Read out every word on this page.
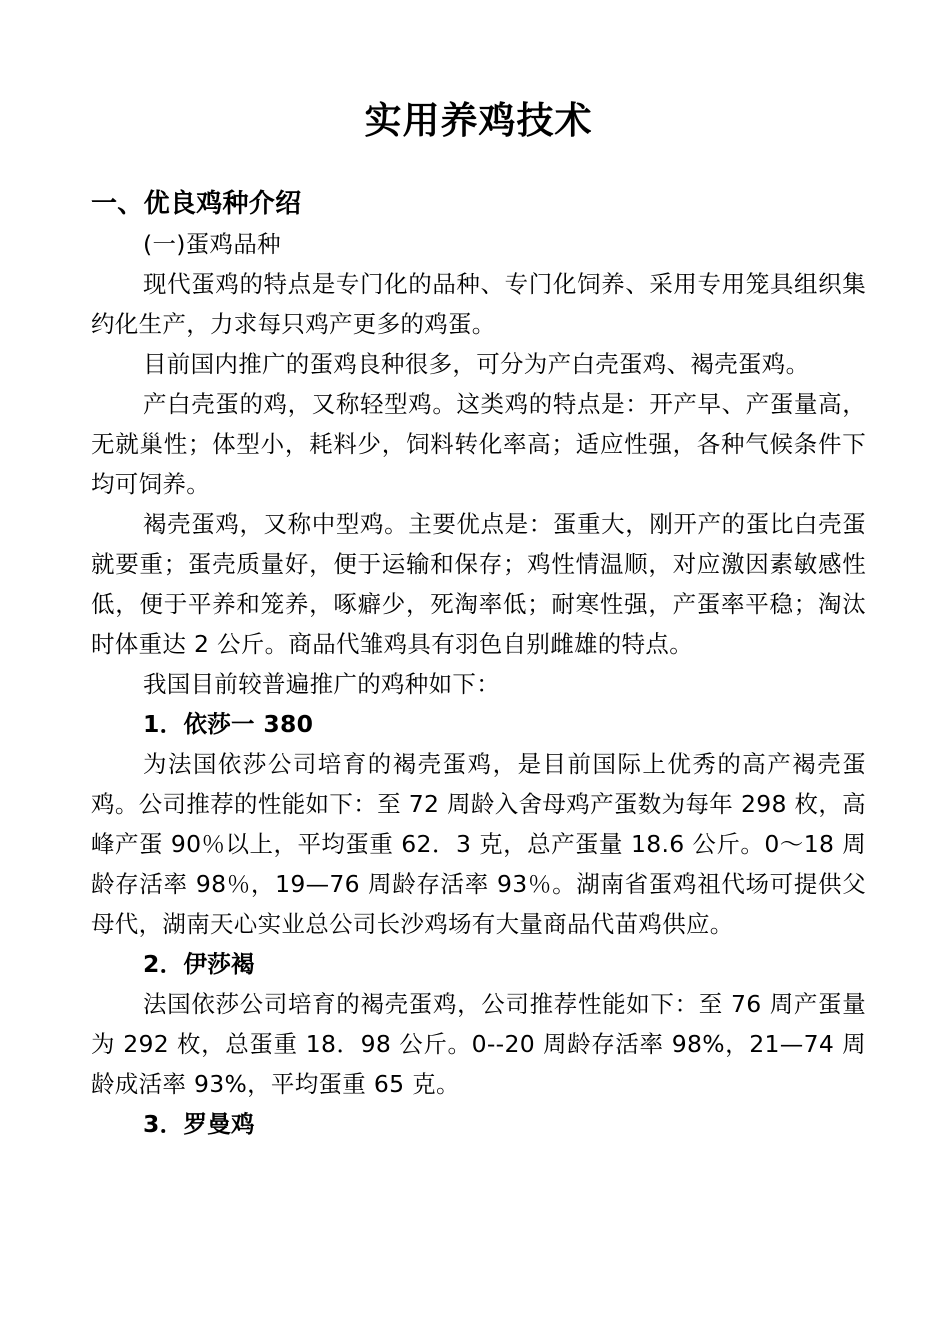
实用养鸡技术

一、优良鸡种介绍

(一)蛋鸡品种

现代蛋鸡的特点是专门化的品种、专门化饲养、采用专用笼具组织集约化生产，力求每只鸡产更多的鸡蛋。

目前国内推广的蛋鸡良种很多，可分为产白壳蛋鸡、褐壳蛋鸡。

产白壳蛋的鸡，又称轻型鸡。这类鸡的特点是：开产早、产蛋量高，无就巢性；体型小，耗料少，饲料转化率高；适应性强，各种气候条件下均可饲养。

褐壳蛋鸡，又称中型鸡。主要优点是：蛋重大，刚开产的蛋比白壳蛋就要重；蛋壳质量好，便于运输和保存；鸡性情温顺，对应激因素敏感性低，便于平养和笼养，啄癖少，死淘率低；耐寒性强，产蛋率平稳；淘汰时体重达 2 公斤。商品代雏鸡具有羽色自别雌雄的特点。

我国目前较普遍推广的鸡种如下：

1．依莎一 380

为法国依莎公司培育的褐壳蛋鸡，是目前国际上优秀的高产褐壳蛋鸡。公司推荐的性能如下：至 72 周龄入舍母鸡产蛋数为每年 298 枚，高峰产蛋 90％以上，平均蛋重 62．3 克，总产蛋量 18.6 公斤。0～18 周龄存活率 98％，19—76 周龄存活率 93％。湖南省蛋鸡祖代场可提供父母代，湖南天心实业总公司长沙鸡场有大量商品代苗鸡供应。

2．伊莎褐

法国依莎公司培育的褐壳蛋鸡，公司推荐性能如下：至 76 周产蛋量为 292 枚，总蛋重 18．98 公斤。0--20 周龄存活率 98%，21—74 周龄成活率 93%，平均蛋重 65 克。

3．罗曼鸡
